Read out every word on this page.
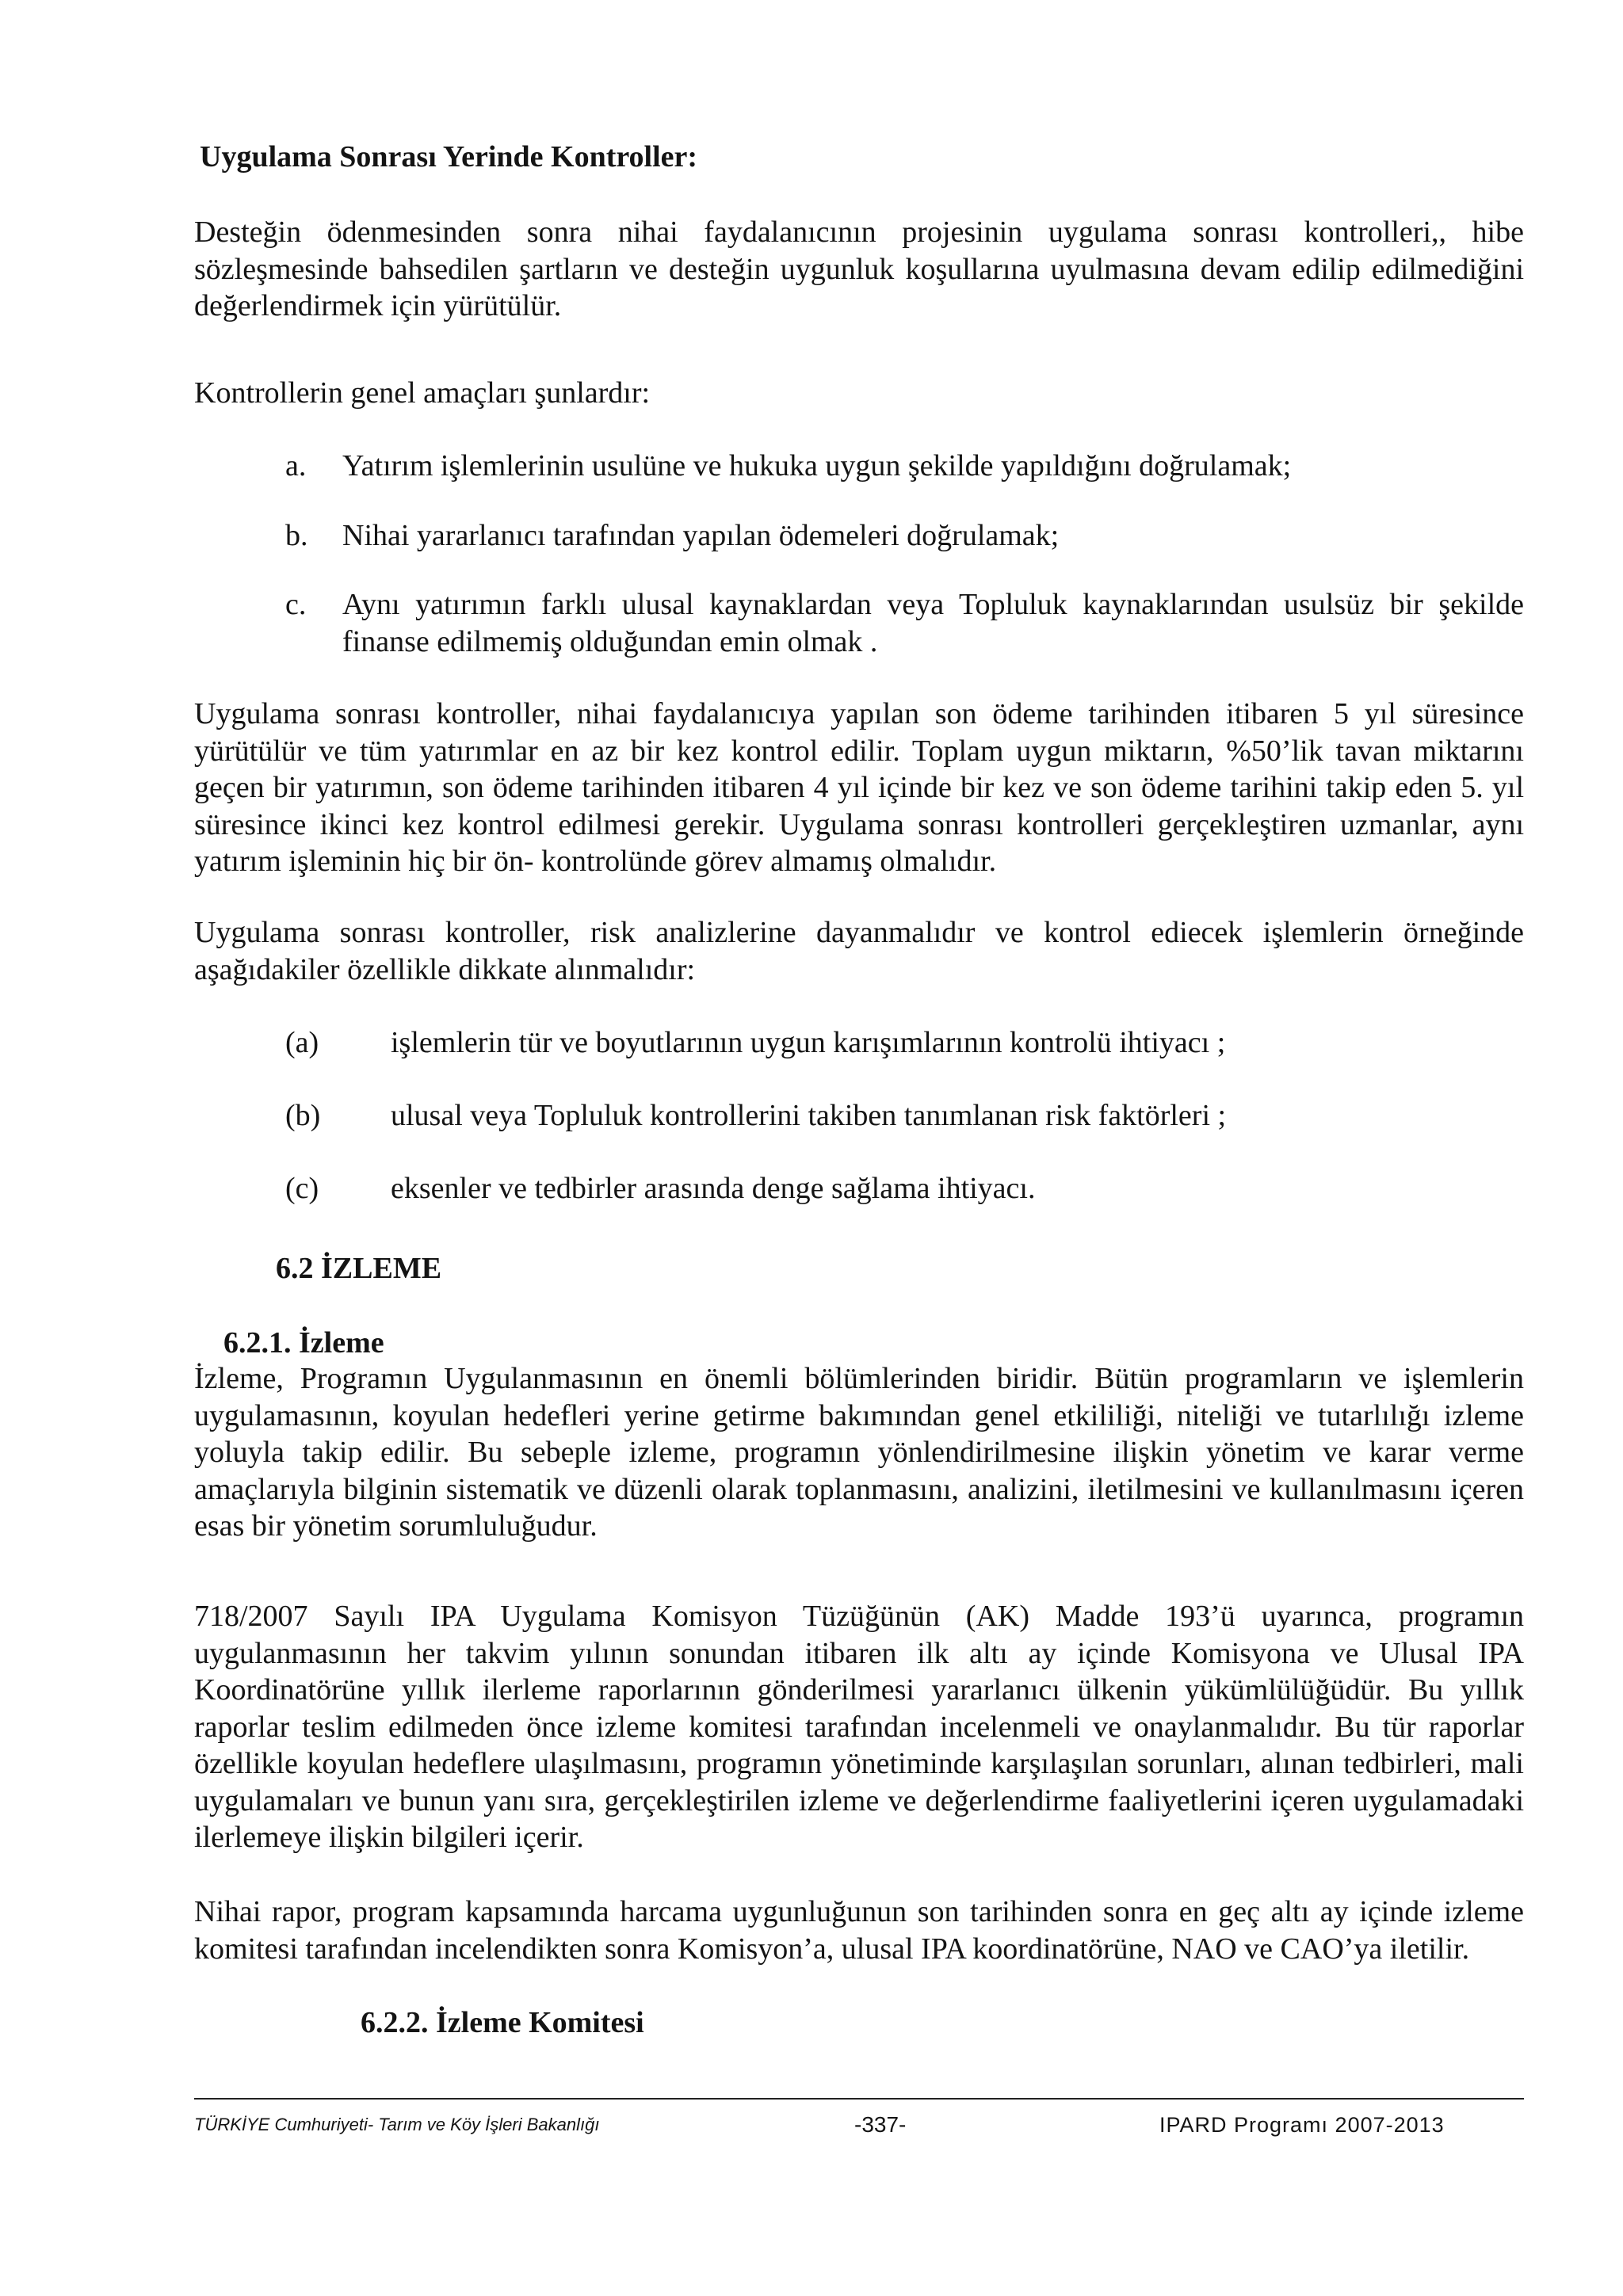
Uygulama Sonrası Yerinde Kontroller:

Desteğin ödenmesinden sonra nihai faydalanıcının projesinin uygulama sonrası kontrolleri,, hibe sözleşmesinde bahsedilen şartların ve desteğin uygunluk koşullarına uyulmasına devam edilip edilmediğini değerlendirmek için yürütülür.

Kontrollerin genel amaçları şunlardır:

a.	Yatırım işlemlerinin usulüne ve hukuka uygun şekilde yapıldığını doğrulamak;
b.	Nihai yararlanıcı tarafından yapılan ödemeleri doğrulamak;
c.	Aynı yatırımın farklı ulusal kaynaklardan veya Topluluk kaynaklarından usulsüz bir şekilde finanse edilmemiş olduğundan emin olmak .

Uygulama sonrası kontroller, nihai faydalanıcıya yapılan son ödeme tarihinden itibaren 5 yıl süresince yürütülür ve tüm yatırımlar en az bir kez kontrol edilir. Toplam uygun miktarın, %50’lik tavan miktarını geçen bir yatırımın, son ödeme tarihinden itibaren 4 yıl içinde bir kez ve son ödeme tarihini takip eden 5. yıl süresince ikinci kez kontrol edilmesi gerekir. Uygulama sonrası kontrolleri gerçekleştiren uzmanlar, aynı yatırım işleminin hiç bir ön- kontrolünde görev almamış olmalıdır.

Uygulama sonrası kontroller, risk analizlerine dayanmalıdır ve kontrol ediecek işlemlerin örneğinde aşağıdakiler özellikle dikkate alınmalıdır:

(a)	işlemlerin tür ve boyutlarının uygun karışımlarının kontrolü ihtiyacı ;
(b)	ulusal veya Topluluk kontrollerini takiben tanımlanan risk faktörleri ;
(c)	eksenler ve tedbirler arasında denge sağlama ihtiyacı.
6.2 İZLEME
6.2.1. İzleme

İzleme, Programın Uygulanmasının en önemli bölümlerinden biridir. Bütün programların ve işlemlerin uygulamasının, koyulan hedefleri yerine getirme bakımından genel etkililiği, niteliği ve tutarlılığı izleme yoluyla takip edilir. Bu sebeple izleme, programın yönlendirilmesine ilişkin yönetim ve karar verme amaçlarıyla bilginin sistematik ve düzenli olarak toplanmasını, analizini, iletilmesini ve kullanılmasını içeren esas bir yönetim sorumluluğudur.

718/2007 Sayılı IPA Uygulama Komisyon Tüzüğünün (AK) Madde 193’ü uyarınca, programın uygulanmasının her takvim yılının sonundan itibaren ilk altı ay içinde Komisyona ve Ulusal IPA Koordinatörüne yıllık ilerleme raporlarının gönderilmesi yararlanıcı ülkenin yükümlülüğüdür. Bu yıllık raporlar teslim edilmeden önce izleme komitesi tarafından incelenmeli ve onaylanmalıdır. Bu tür raporlar özellikle koyulan hedeflere ulaşılmasını, programın yönetiminde karşılaşılan sorunları, alınan tedbirleri, mali uygulamaları ve bunun yanı sıra, gerçekleştirilen izleme ve değerlendirme faaliyetlerini içeren uygulamadaki ilerlemeye ilişkin bilgileri içerir.

Nihai rapor, program kapsamında harcama uygunluğunun son tarihinden sonra en geç altı ay içinde izleme komitesi tarafından incelendikten sonra Komisyon’a, ulusal IPA koordinatörüne, NAO ve CAO’ya iletilir.

6.2.2. İzleme Komitesi
TÜRKİYE Cumhuriyeti- Tarım ve Köy İşleri Bakanlığı	-337-	IPARD Programı 2007-2013
